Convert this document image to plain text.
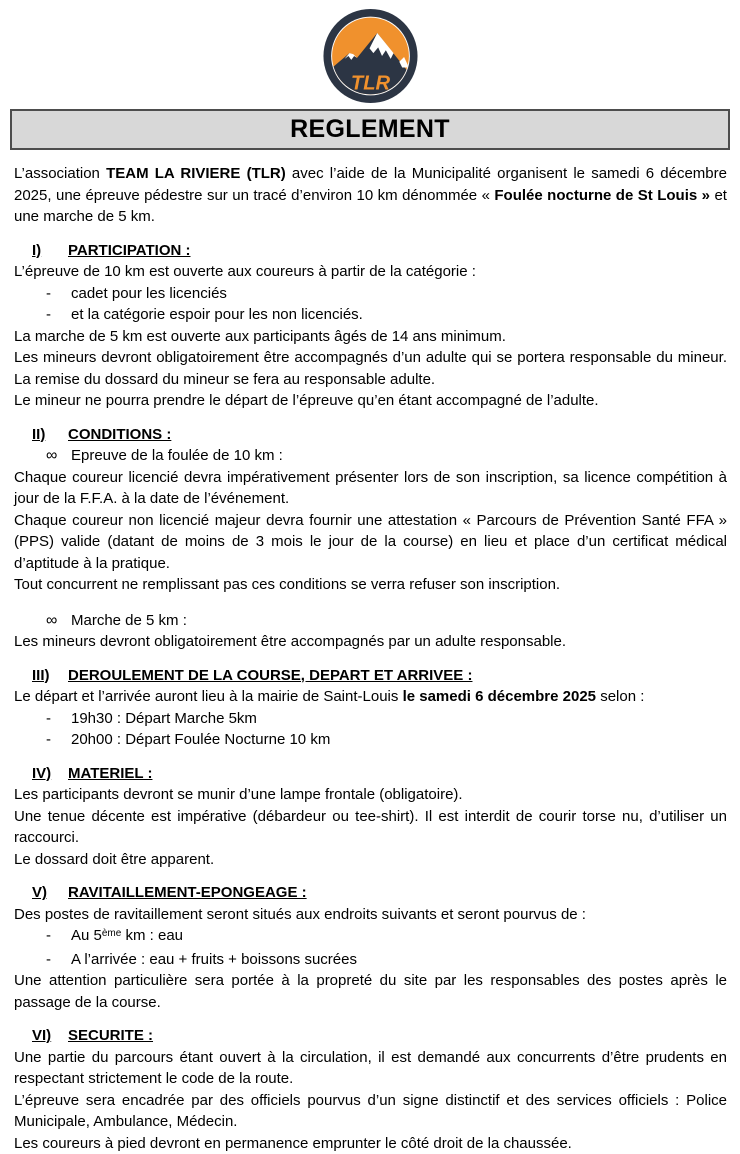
TLR
REGLEMENT

L’association TEAM LA RIVIERE (TLR) avec l’aide de la Municipalité organisent le samedi 6 décembre 2025, une épreuve pédestre sur un tracé d’environ 10 km dénommée « Foulée nocturne de St Louis » et une marche de 5 km.

I) PARTICIPATION :
L’épreuve de 10 km est ouverte aux coureurs à partir de la catégorie :
- cadet pour les licenciés
- et la catégorie espoir pour les non licenciés.
La marche de 5 km est ouverte aux participants âgés de 14 ans minimum.
Les mineurs devront obligatoirement être accompagnés d’un adulte qui se portera responsable du mineur. La remise du dossard du mineur se fera au responsable adulte.
Le mineur ne pourra prendre le départ de l’épreuve qu’en étant accompagné de l’adulte.
II) CONDITIONS :
∞ Epreuve de la foulée de 10 km :
Chaque coureur licencié devra impérativement présenter lors de son inscription, sa licence compétition à jour de la F.F.A. à la date de l’événement.
Chaque coureur non licencié majeur devra fournir une attestation « Parcours de Prévention Santé FFA » (PPS) valide (datant de moins de 3 mois le jour de la course) en lieu et place d’un certificat médical d’aptitude à la pratique.
Tout concurrent ne remplissant pas ces conditions se verra refuser son inscription.
∞ Marche de 5 km :
Les mineurs devront obligatoirement être accompagnés par un adulte responsable.
III) DEROULEMENT DE LA COURSE, DEPART ET ARRIVEE :
Le départ et l’arrivée auront lieu à la mairie de Saint-Louis le samedi 6 décembre 2025 selon :
- 19h30 : Départ Marche 5km
- 20h00 : Départ Foulée Nocturne 10 km
IV) MATERIEL :
Les participants devront se munir d’une lampe frontale (obligatoire).
Une tenue décente est impérative (débardeur ou tee-shirt). Il est interdit de courir torse nu, d’utiliser un raccourci.
Le dossard doit être apparent.
V) RAVITAILLEMENT-EPONGEAGE :
Des postes de ravitaillement seront situés aux endroits suivants et seront pourvus de :
- Au 5ème km : eau
- A l’arrivée : eau + fruits + boissons sucrées
Une attention particulière sera portée à la propreté du site par les responsables des postes après le passage de la course.
VI) SECURITE :
Une partie du parcours étant ouvert à la circulation, il est demandé aux concurrents d’être prudents en respectant strictement le code de la route.
L’épreuve sera encadrée par des officiels pourvus d’un signe distinctif et des services officiels : Police Municipale, Ambulance, Médecin.
Les coureurs à pied devront en permanence emprunter le côté droit de la chaussée.
